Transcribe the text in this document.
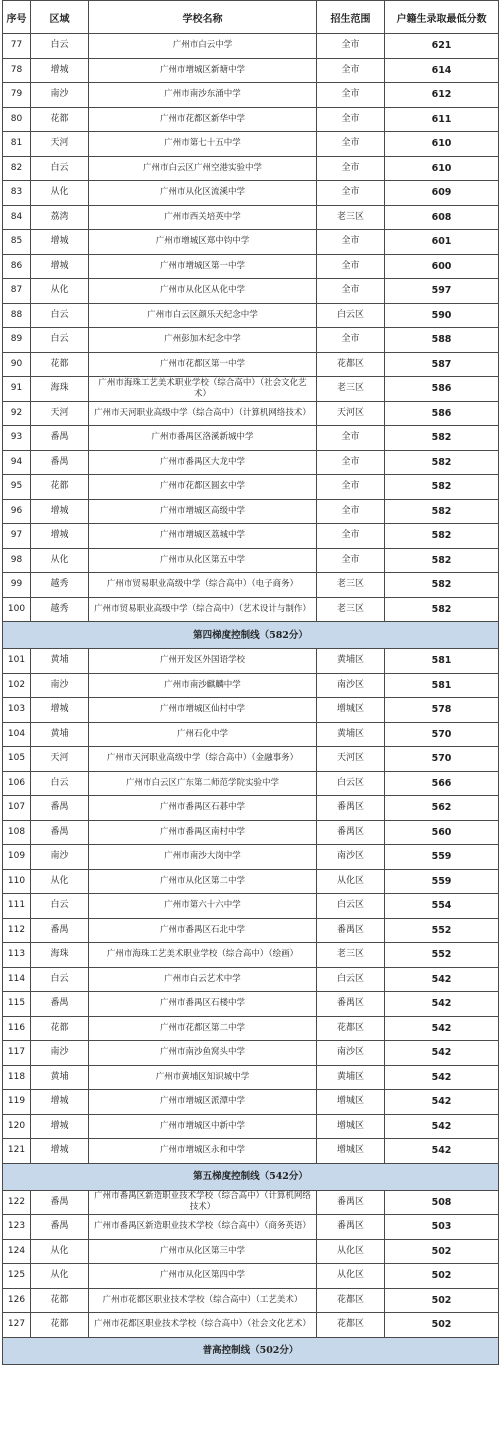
序号	区域	学校名称	招生范围	户籍生录取最低分数
77	白云	广州市白云中学	全市	621
78	增城	广州市增城区新塘中学	全市	614
79	南沙	广州市南沙东涌中学	全市	612
80	花都	广州市花都区新华中学	全市	611
81	天河	广州市第七十五中学	全市	610
82	白云	广州市白云区广州空港实验中学	全市	610
83	从化	广州市从化区流溪中学	全市	609
84	荔湾	广州市西关培英中学	老三区	608
85	增城	广州市增城区郑中钧中学	全市	601
86	增城	广州市增城区第一中学	全市	600
87	从化	广州市从化区从化中学	全市	597
88	白云	广州市白云区颜乐天纪念中学	白云区	590
89	白云	广州彭加木纪念中学	全市	588
90	花都	广州市花都区第一中学	花都区	587
91	海珠	广州市海珠工艺美术职业学校（综合高中）（社会文化艺术）	老三区	586
92	天河	广州市天河职业高级中学（综合高中）（计算机网络技术）	天河区	586
93	番禺	广州市番禺区洛溪新城中学	全市	582
94	番禺	广州市番禺区大龙中学	全市	582
95	花都	广州市花都区圆玄中学	全市	582
96	增城	广州市增城区高级中学	全市	582
97	增城	广州市增城区荔城中学	全市	582
98	从化	广州市从化区第五中学	全市	582
99	越秀	广州市贸易职业高级中学（综合高中）（电子商务）	老三区	582
100	越秀	广州市贸易职业高级中学（综合高中）（艺术设计与制作）	老三区	582
第四梯度控制线（582分）				
101	黄埔	广州开发区外国语学校	黄埔区	581
102	南沙	广州市南沙麒麟中学	南沙区	581
103	增城	广州市增城区仙村中学	增城区	578
104	黄埔	广州石化中学	黄埔区	570
105	天河	广州市天河职业高级中学（综合高中）（金融事务）	天河区	570
106	白云	广州市白云区广东第二师范学院实验中学	白云区	566
107	番禺	广州市番禺区石碁中学	番禺区	562
108	番禺	广州市番禺区南村中学	番禺区	560
109	南沙	广州市南沙大岗中学	南沙区	559
110	从化	广州市从化区第二中学	从化区	559
111	白云	广州市第六十六中学	白云区	554
112	番禺	广州市番禺区石北中学	番禺区	552
113	海珠	广州市海珠工艺美术职业学校（综合高中）（绘画）	老三区	552
114	白云	广州市白云艺术中学	白云区	542
115	番禺	广州市番禺区石楼中学	番禺区	542
116	花都	广州市花都区第二中学	花都区	542
117	南沙	广州市南沙鱼窝头中学	南沙区	542
118	黄埔	广州市黄埔区知识城中学	黄埔区	542
119	增城	广州市增城区派潭中学	增城区	542
120	增城	广州市增城区中新中学	增城区	542
121	增城	广州市增城区永和中学	增城区	542
第五梯度控制线（542分）				
122	番禺	广州市番禺区新造职业技术学校（综合高中）（计算机网络技术）	番禺区	508
123	番禺	广州市番禺区新造职业技术学校（综合高中）（商务英语）	番禺区	503
124	从化	广州市从化区第三中学	从化区	502
125	从化	广州市从化区第四中学	从化区	502
126	花都	广州市花都区职业技术学校（综合高中）（工艺美术）	花都区	502
127	花都	广州市花都区职业技术学校（综合高中）（社会文化艺术）	花都区	502
普高控制线（502分）				
